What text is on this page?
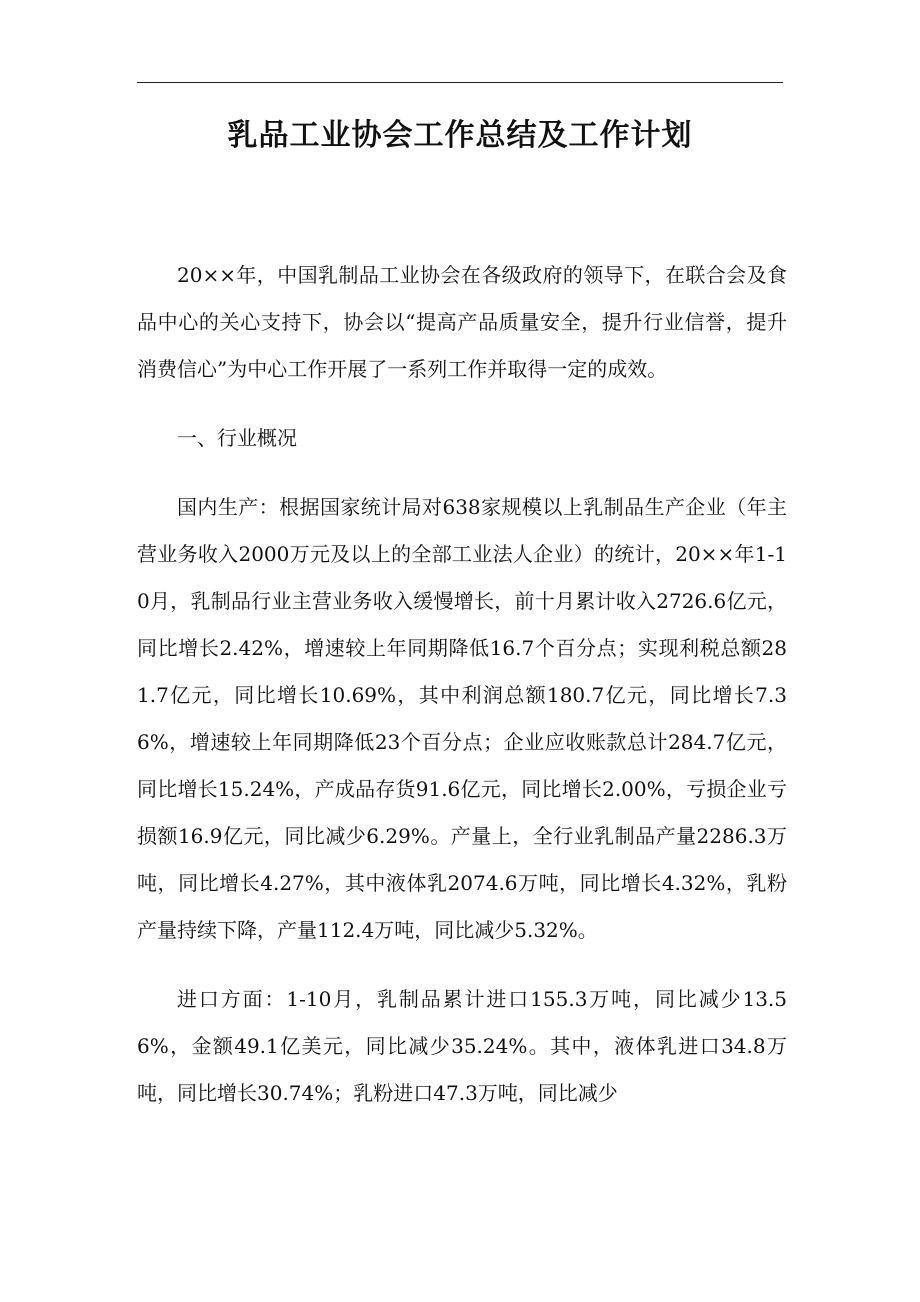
乳品工业协会工作总结及工作计划

20××年，中国乳制品工业协会在各级政府的领导下，在联合会及食品中心的关心支持下，协会以“提高产品质量安全，提升行业信誉，提升消费信心”为中心工作开展了一系列工作并取得一定的成效。

一、行业概况

国内生产：根据国家统计局对638家规模以上乳制品生产企业（年主营业务收入2000万元及以上的全部工业法人企业）的统计，20××年1-10月，乳制品行业主营业务收入缓慢增长，前十月累计收入2726.6亿元，同比增长2.42%，增速较上年同期降低16.7个百分点；实现利税总额281.7亿元，同比增长10.69%，其中利润总额180.7亿元，同比增长7.36%，增速较上年同期降低23个百分点；企业应收账款总计284.7亿元，同比增长15.24%，产成品存货91.6亿元，同比增长2.00%，亏损企业亏损额16.9亿元，同比减少6.29%。产量上，全行业乳制品产量2286.3万吨，同比增长4.27%，其中液体乳2074.6万吨，同比增长4.32%，乳粉产量持续下降，产量112.4万吨，同比减少5.32%。

进口方面：1-10月，乳制品累计进口155.3万吨，同比减少13.56%，金额49.1亿美元，同比减少35.24%。其中，液体乳进口34.8万吨，同比增长30.74%；乳粉进口47.3万吨，同比减少
